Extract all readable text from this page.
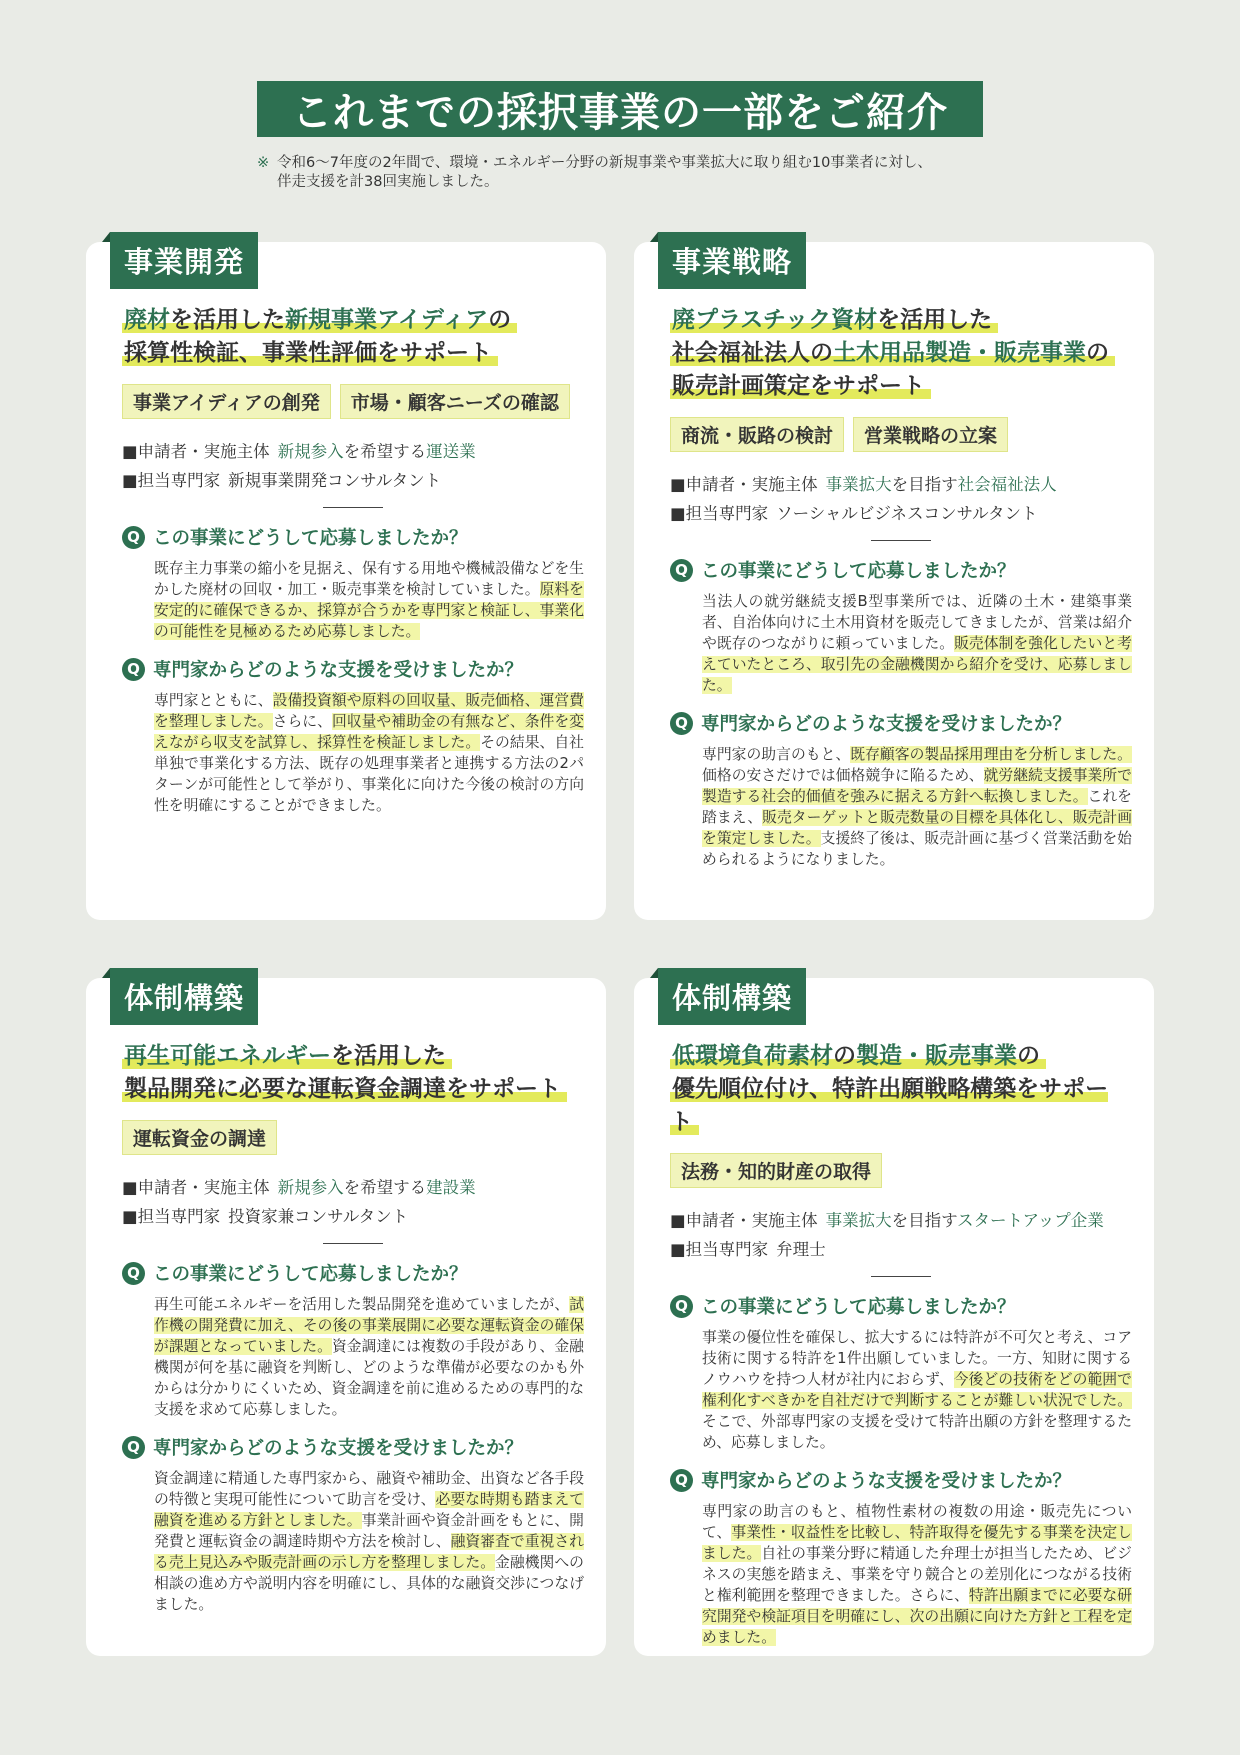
これまでの採択事業の一部をご紹介
※ 令和6～7年度の2年間で、環境・エネルギー分野の新規事業や事業拡大に取り組む10事業者に対し、
伴走支援を計38回実施しました。
事業開発
廃材を活用した新規事業アイディアの
採算性検証、事業性評価をサポート
事業アイディアの創発	市場・顧客ニーズの確認
■申請者・実施主体 新規参入を希望する運送業
■担当専門家 新規事業開発コンサルタント
Q この事業にどうして応募しましたか？
既存主力事業の縮小を見据え、保有する用地や機械設備などを生かした廃材の回収・加工・販売事業を検討していました。原料を安定的に確保できるか、採算が合うかを専門家と検証し、事業化の可能性を見極めるため応募しました。
Q 専門家からどのような支援を受けましたか？
専門家とともに、設備投資額や原料の回収量、販売価格、運営費を整理しました。さらに、回収量や補助金の有無など、条件を変えながら収支を試算し、採算性を検証しました。その結果、自社単独で事業化する方法、既存の処理事業者と連携する方法の2パターンが可能性として挙がり、事業化に向けた今後の検討の方向性を明確にすることができました。
事業戦略
廃プラスチック資材を活用した
社会福祉法人の土木用品製造・販売事業の
販売計画策定をサポート
商流・販路の検討	営業戦略の立案
■申請者・実施主体 事業拡大を目指す社会福祉法人
■担当専門家 ソーシャルビジネスコンサルタント
Q この事業にどうして応募しましたか？
当法人の就労継続支援B型事業所では、近隣の土木・建築事業者、自治体向けに土木用資材を販売してきましたが、営業は紹介や既存のつながりに頼っていました。販売体制を強化したいと考えていたところ、取引先の金融機関から紹介を受け、応募しました。
Q 専門家からどのような支援を受けましたか？
専門家の助言のもと、既存顧客の製品採用理由を分析しました。価格の安さだけでは価格競争に陥るため、就労継続支援事業所で製造する社会的価値を強みに据える方針へ転換しました。これを踏まえ、販売ターゲットと販売数量の目標を具体化し、販売計画を策定しました。支援終了後は、販売計画に基づく営業活動を始められるようになりました。
体制構築
再生可能エネルギーを活用した
製品開発に必要な運転資金調達をサポート
運転資金の調達
■申請者・実施主体 新規参入を希望する建設業
■担当専門家 投資家兼コンサルタント
Q この事業にどうして応募しましたか？
再生可能エネルギーを活用した製品開発を進めていましたが、試作機の開発費に加え、その後の事業展開に必要な運転資金の確保が課題となっていました。資金調達には複数の手段があり、金融機関が何を基に融資を判断し、どのような準備が必要なのかも外からは分かりにくいため、資金調達を前に進めるための専門的な支援を求めて応募しました。
Q 専門家からどのような支援を受けましたか？
資金調達に精通した専門家から、融資や補助金、出資など各手段の特徴と実現可能性について助言を受け、必要な時期も踏まえて融資を進める方針としました。事業計画や資金計画をもとに、開発費と運転資金の調達時期や方法を検討し、融資審査で重視される売上見込みや販売計画の示し方を整理しました。金融機関への相談の進め方や説明内容を明確にし、具体的な融資交渉につなげました。
体制構築
低環境負荷素材の製造・販売事業の
優先順位付け、特許出願戦略構築をサポート
法務・知的財産の取得
■申請者・実施主体 事業拡大を目指すスタートアップ企業
■担当専門家 弁理士
Q この事業にどうして応募しましたか？
事業の優位性を確保し、拡大するには特許が不可欠と考え、コア技術に関する特許を1件出願していました。一方、知財に関するノウハウを持つ人材が社内におらず、今後どの技術をどの範囲で権利化すべきかを自社だけで判断することが難しい状況でした。そこで、外部専門家の支援を受けて特許出願の方針を整理するため、応募しました。
Q 専門家からどのような支援を受けましたか？
専門家の助言のもと、植物性素材の複数の用途・販売先について、事業性・収益性を比較し、特許取得を優先する事業を決定しました。自社の事業分野に精通した弁理士が担当したため、ビジネスの実態を踏まえ、事業を守り競合との差別化につながる技術と権利範囲を整理できました。さらに、特許出願までに必要な研究開発や検証項目を明確にし、次の出願に向けた方針と工程を定めました。
